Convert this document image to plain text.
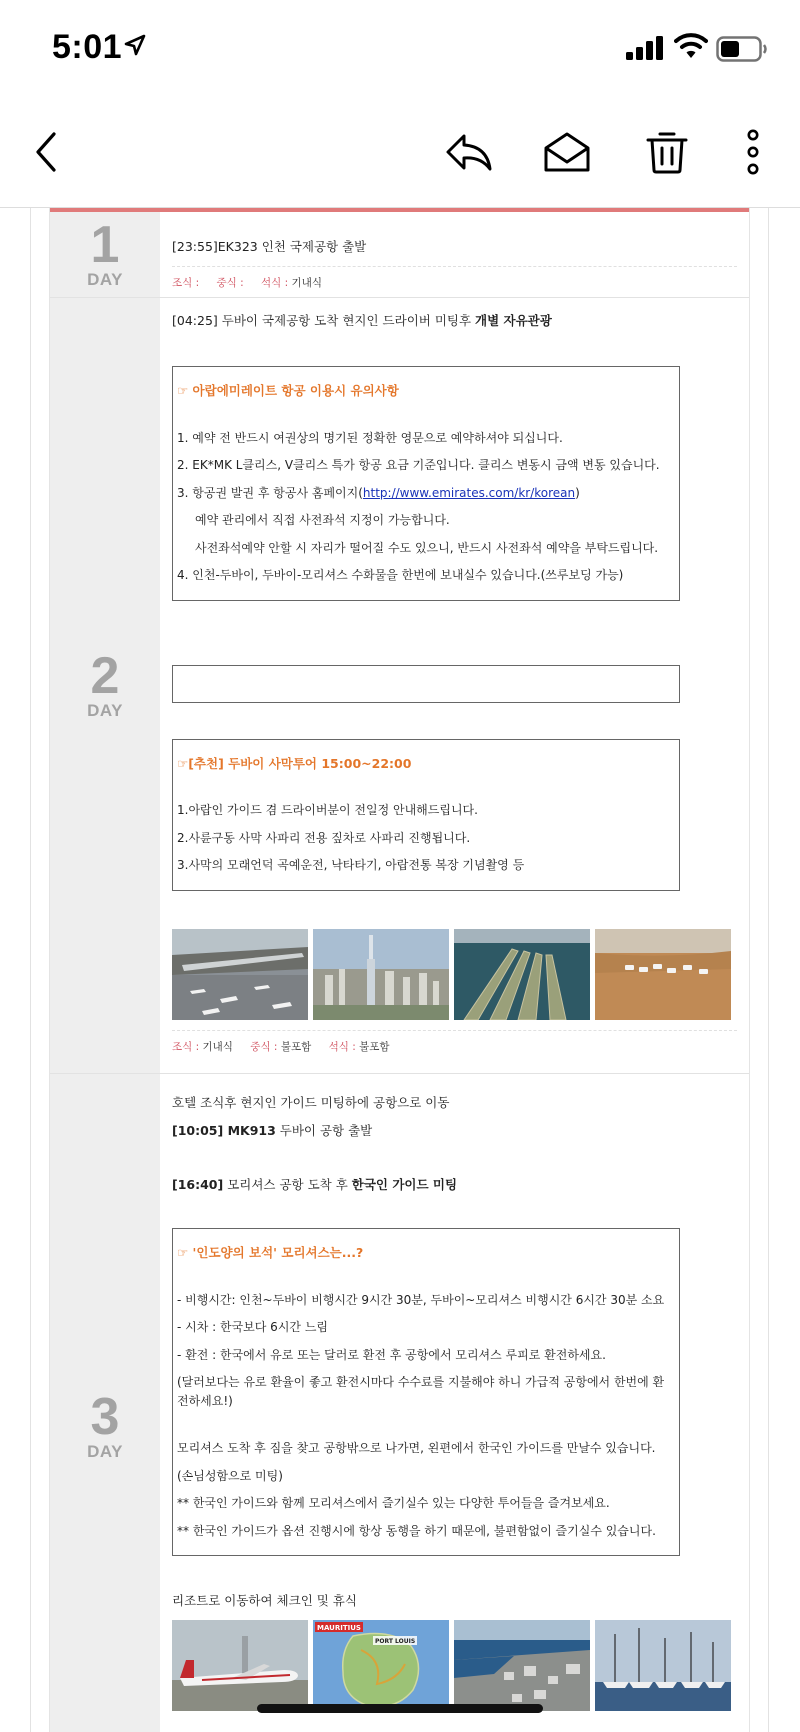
5:01
1
DAY
[23:55]EK323 인천 국제공항 출발
조식 : 중식 : 석식 : 기내식
2
DAY
[04:25] 두바이 국제공항 도착 현지인 드라이버 미팅후 개별 자유관광
☞ 아랍에미레이트 항공 이용시 유의사항
1. 예약 전 반드시 여권상의 명기된 정확한 영문으로 예약하셔야 되십니다.
2. EK*MK L클리스, V클리스 특가 항공 요금 기준입니다. 클리스 변동시 금액 변동 있습니다.
3. 항공권 발권 후 항공사 홈페이지(http://www.emirates.com/kr/korean)
예약 관리에서 직접 사전좌석 지정이 가능합니다.
사전좌석예약 안할 시 자리가 떨어질 수도 있으니, 반드시 사전좌석 예약을 부탁드립니다.
4. 인천-두바이, 두바이-모리셔스 수화물을 한번에 보내실수 있습니다.(쓰루보딩 가능)
☞[추천] 두바이 사막투어 15:00~22:00
1.아랍인 가이드 겸 드라이버분이 전일정 안내해드립니다.
2.사륜구동 사막 사파리 전용 짚차로 사파리 진행됩니다.
3.사막의 모래언덕 곡예운전, 낙타타기, 아랍전통 복장 기념촬영 등
조식 : 기내식 중식 : 불포함 석식 : 불포함
3
DAY
호텔 조식후 현지인 가이드 미팅하에 공항으로 이동
[10:05] MK913 두바이 공항 출발
[16:40] 모리셔스 공항 도착 후 한국인 가이드 미팅
☞ '인도양의 보석' 모리셔스는...?
- 비행시간: 인천~두바이 비행시간 9시간 30분, 두바이~모리셔스 비행시간 6시간 30분 소요
- 시차 : 한국보다 6시간 느림
- 환전 : 한국에서 유로 또는 달러로 환전 후 공항에서 모리셔스 루피로 환전하세요.
(달러보다는 유로 환율이 좋고 환전시마다 수수료를 지불해야 하니 가급적 공항에서 한번에 환전하세요!)
모리셔스 도착 후 짐을 찾고 공항밖으로 나가면, 왼편에서 한국인 가이드를 만날수 있습니다.
(손님성함으로 미팅)
** 한국인 가이드와 함께 모리셔스에서 즐기실수 있는 다양한 투어들을 즐겨보세요.
** 한국인 가이드가 옵션 진행시에 항상 동행을 하기 때문에, 불편함없이 즐기실수 있습니다.
리조트로 이동하여 체크인 및 휴식
MAURITIUS
PORT LOUIS
